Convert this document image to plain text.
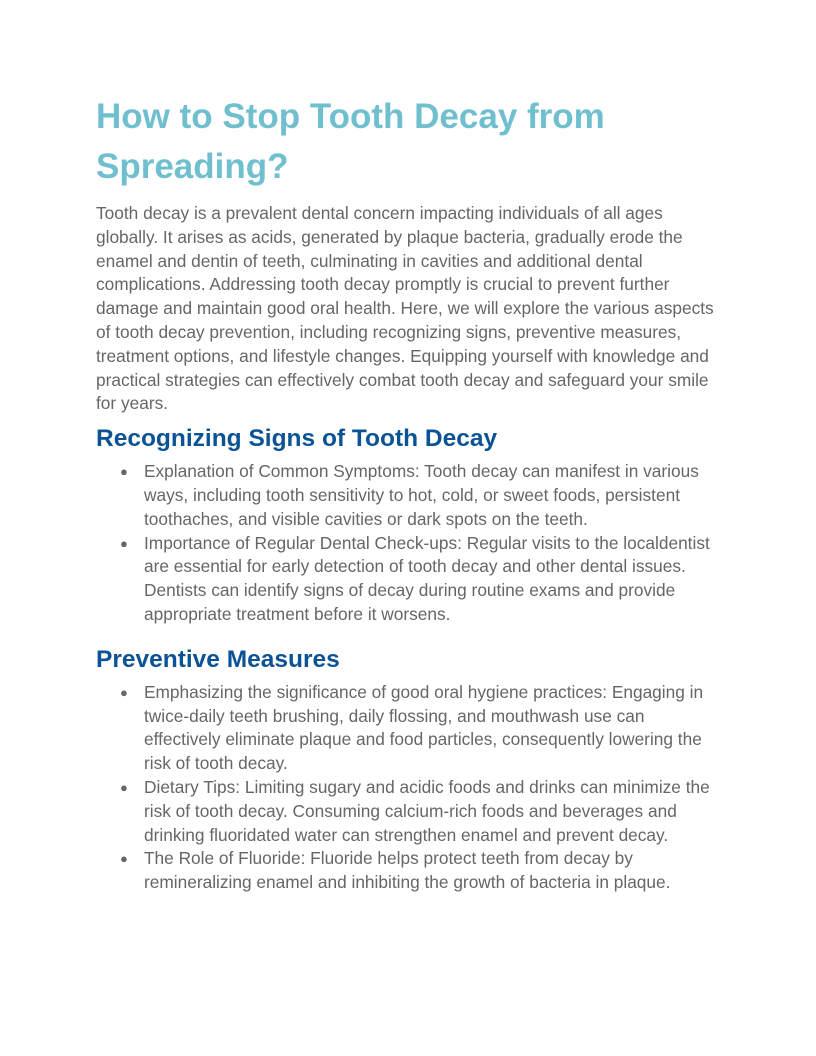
How to Stop Tooth Decay from Spreading?

Tooth decay is a prevalent dental concern impacting individuals of all ages globally. It arises as acids, generated by plaque bacteria, gradually erode the enamel and dentin of teeth, culminating in cavities and additional dental complications. Addressing tooth decay promptly is crucial to prevent further damage and maintain good oral health. Here, we will explore the various aspects of tooth decay prevention, including recognizing signs, preventive measures, treatment options, and lifestyle changes. Equipping yourself with knowledge and practical strategies can effectively combat tooth decay and safeguard your smile for years.

Recognizing Signs of Tooth Decay
● Explanation of Common Symptoms: Tooth decay can manifest in various ways, including tooth sensitivity to hot, cold, or sweet foods, persistent toothaches, and visible cavities or dark spots on the teeth.
● Importance of Regular Dental Check-ups: Regular visits to the localdentist are essential for early detection of tooth decay and other dental issues. Dentists can identify signs of decay during routine exams and provide appropriate treatment before it worsens.
Preventive Measures
● Emphasizing the significance of good oral hygiene practices: Engaging in twice-daily teeth brushing, daily flossing, and mouthwash use can effectively eliminate plaque and food particles, consequently lowering the risk of tooth decay.
● Dietary Tips: Limiting sugary and acidic foods and drinks can minimize the risk of tooth decay. Consuming calcium-rich foods and beverages and drinking fluoridated water can strengthen enamel and prevent decay.
● The Role of Fluoride: Fluoride helps protect teeth from decay by remineralizing enamel and inhibiting the growth of bacteria in plaque.
